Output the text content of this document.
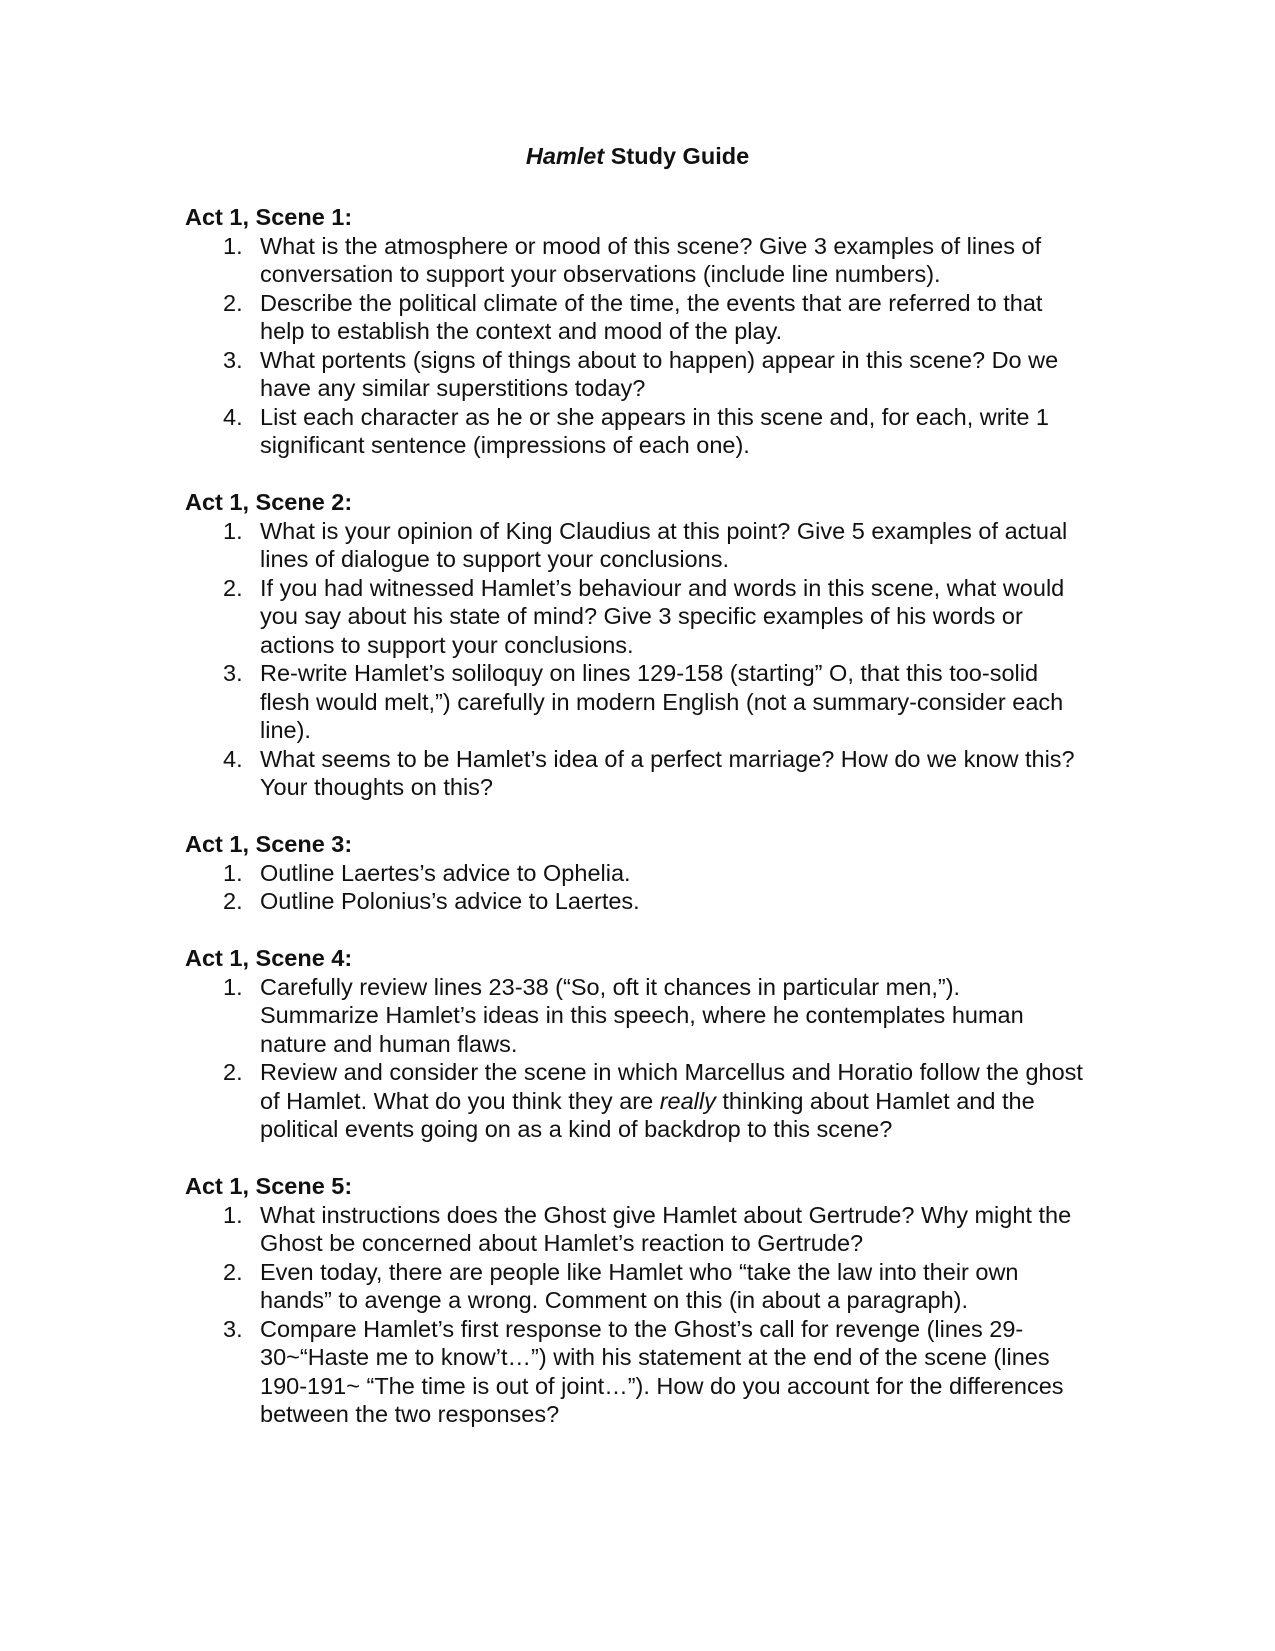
Hamlet Study Guide

Act 1, Scene 1:

1. What is the atmosphere or mood of this scene? Give 3 examples of lines of conversation to support your observations (include line numbers).
2. Describe the political climate of the time, the events that are referred to that help to establish the context and mood of the play.
3. What portents (signs of things about to happen) appear in this scene? Do we have any similar superstitions today?
4. List each character as he or she appears in this scene and, for each, write 1 significant sentence (impressions of each one).

Act 1, Scene 2:

1. What is your opinion of King Claudius at this point? Give 5 examples of actual lines of dialogue to support your conclusions.
2. If you had witnessed Hamlet’s behaviour and words in this scene, what would you say about his state of mind? Give 3 specific examples of his words or actions to support your conclusions.
3. Re-write Hamlet’s soliloquy on lines 129-158 (starting” O, that this too-solid flesh would melt,”) carefully in modern English (not a summary-consider each line).
4. What seems to be Hamlet’s idea of a perfect marriage? How do we know this? Your thoughts on this?

Act 1, Scene 3:

1. Outline Laertes’s advice to Ophelia.
2. Outline Polonius’s advice to Laertes.

Act 1, Scene 4:

1. Carefully review lines 23-38 (“So, oft it chances in particular men,”). Summarize Hamlet’s ideas in this speech, where he contemplates human nature and human flaws.
2. Review and consider the scene in which Marcellus and Horatio follow the ghost of Hamlet. What do you think they are really thinking about Hamlet and the political events going on as a kind of backdrop to this scene?

Act 1, Scene 5:

1. What instructions does the Ghost give Hamlet about Gertrude? Why might the Ghost be concerned about Hamlet’s reaction to Gertrude?
2. Even today, there are people like Hamlet who “take the law into their own hands” to avenge a wrong. Comment on this (in about a paragraph).
3. Compare Hamlet’s first response to the Ghost’s call for revenge (lines 29-30~“Haste me to know’t…”) with his statement at the end of the scene (lines 190-191~ “The time is out of joint…”). How do you account for the differences between the two responses?
